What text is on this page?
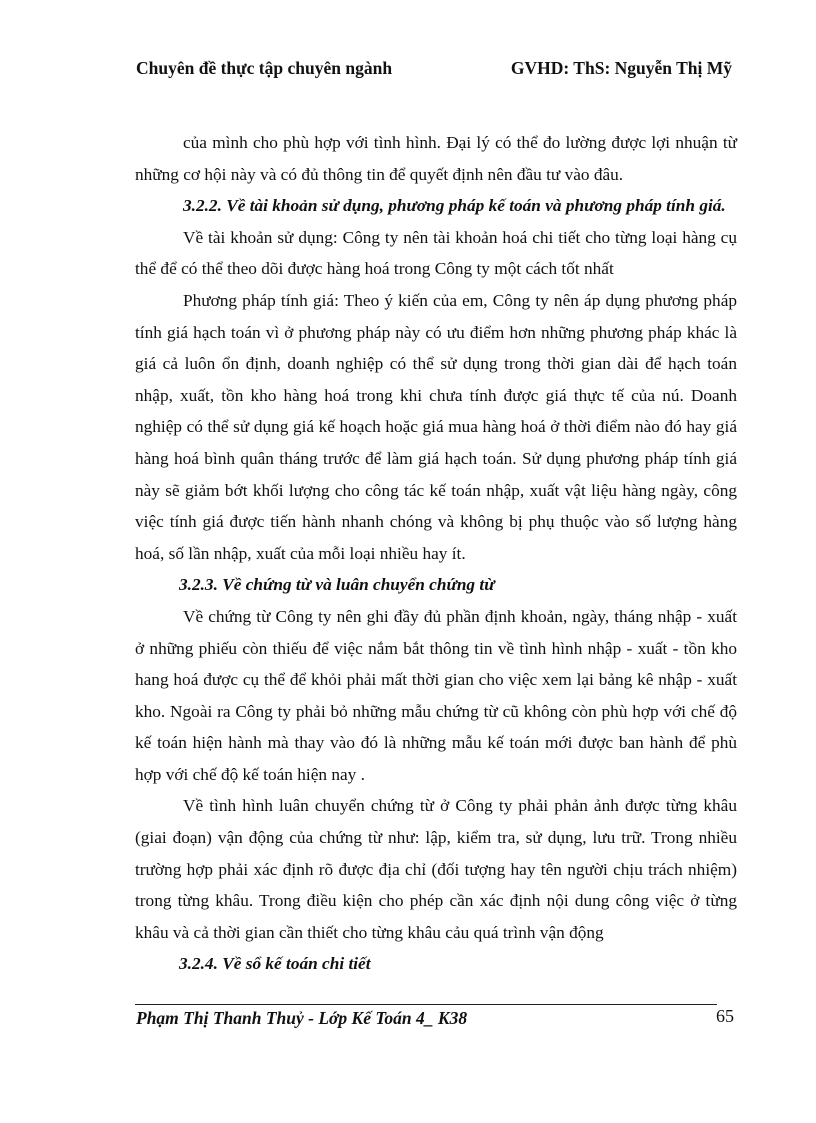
Chuyên đề thực tập chuyên ngành	GVHD: ThS: Nguyễn Thị Mỹ

của mình cho phù hợp với tình hình. Đại lý có thể đo lường được lợi nhuận từ những cơ hội này và có đủ thông tin để quyết định nên đầu tư vào đâu.

3.2.2. Về tài khoản sử dụng, phương pháp kế toán và phương pháp tính giá.

Về tài khoản sử dụng: Công ty nên tài khoản hoá chi tiết cho từng loại hàng cụ thể để có thể theo dõi được hàng hoá trong Công ty một cách tốt nhất

Phương pháp tính giá: Theo ý kiến của em, Công ty nên áp dụng phương pháp tính giá hạch toán vì ở phương pháp này có ưu điểm hơn những phương pháp khác là giá cả luôn ổn định, doanh nghiệp có thể sử dụng trong thời gian dài để hạch toán nhập, xuất, tồn kho hàng hoá trong khi chưa tính được giá thực tế của nú. Doanh nghiệp có thể sử dụng giá kế hoạch hoặc giá mua hàng hoá ở thời điểm nào đó hay giá hàng hoá bình quân tháng trước để làm giá hạch toán. Sử dụng phương pháp tính giá này sẽ giảm bớt khối lượng cho công tác kế toán nhập, xuất vật liệu hàng ngày, công việc tính giá được tiến hành nhanh chóng và không bị phụ thuộc vào số lượng hàng hoá, số lần nhập, xuất của mỗi loại nhiều hay ít.

3.2.3. Về chứng từ và luân chuyển chứng từ

Về chứng từ Công ty nên ghi đầy đủ phần định khoản, ngày, tháng nhập - xuất ở những phiếu còn thiếu để việc nắm bắt thông tin về tình hình nhập - xuất - tồn kho hang hoá được cụ thể để khỏi phải mất thời gian cho việc xem lại bảng kê nhập - xuất kho. Ngoài ra Công ty phải bỏ những mẫu chứng từ cũ không còn phù hợp với chế độ kế toán hiện hành mà thay vào đó là những mẫu kế toán mới được ban hành để phù hợp với chế độ kế toán hiện nay .

Về tình hình luân chuyển chứng từ ở Công ty phải phản ảnh được từng khâu (giai đoạn) vận động của chứng từ như: lập, kiểm tra, sử dụng, lưu trữ. Trong nhiều trường hợp phải xác định rõ được địa chỉ (đối tượng hay tên người chịu trách nhiệm) trong từng khâu. Trong điều kiện cho phép cần xác định nội dung công việc ở từng khâu và cả thời gian cần thiết cho từng khâu cảu quá trình vận động

3.2.4. Về sổ kế toán chi tiết
Phạm Thị Thanh Thuỷ - Lớp Kế Toán 4_ K38	65
